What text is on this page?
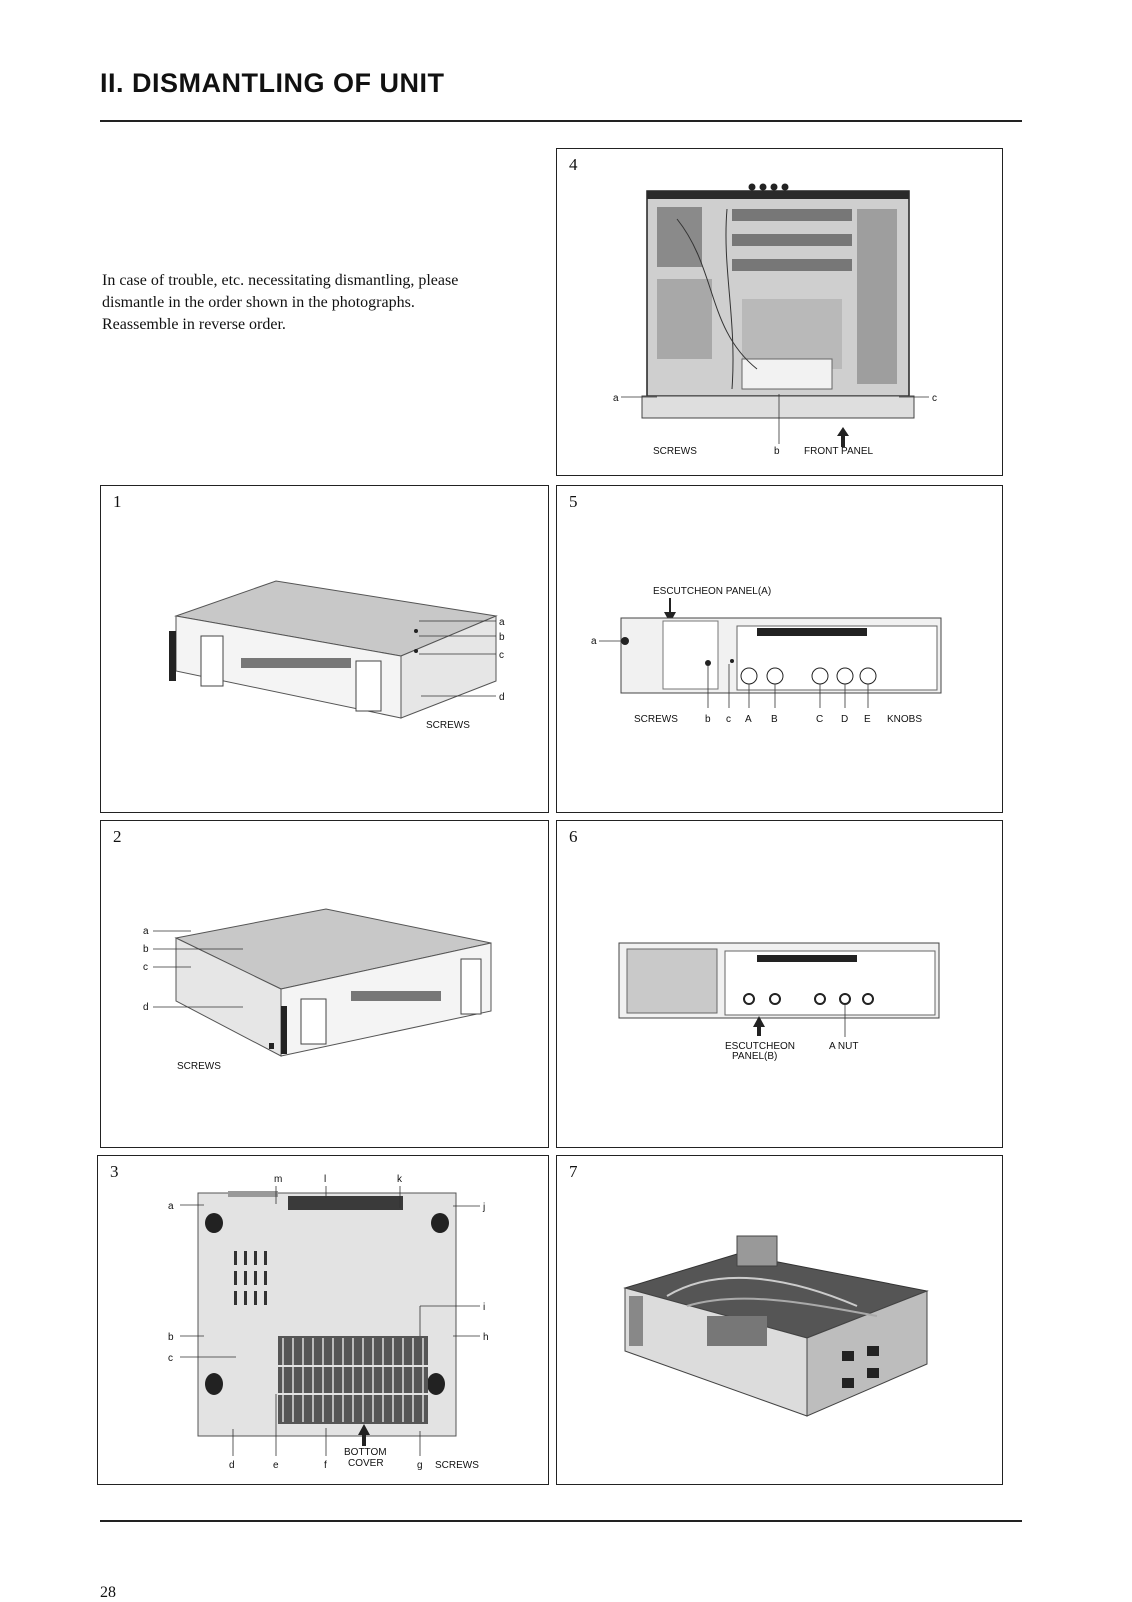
II. DISMANTLING OF UNIT
In case of trouble, etc. necessitating dismantling, please
dismantle in the order shown in the photographs.
Reassemble in reverse order.
4
a	c
SCREWS	b FRONT PANEL
1
a
b
c
d
SCREWS
5
ESCUTCHEON PANEL(A)
a
SCREWS	b c A B	C D E KNOBS
2
a
b
c
d
SCREWS
6
ESCUTCHEON
PANEL(B)
A NUT
3	m	l	k
a	j
i
h
b
c
d	e	f
BOTTOM
COVER	g SCREWS
7
28
